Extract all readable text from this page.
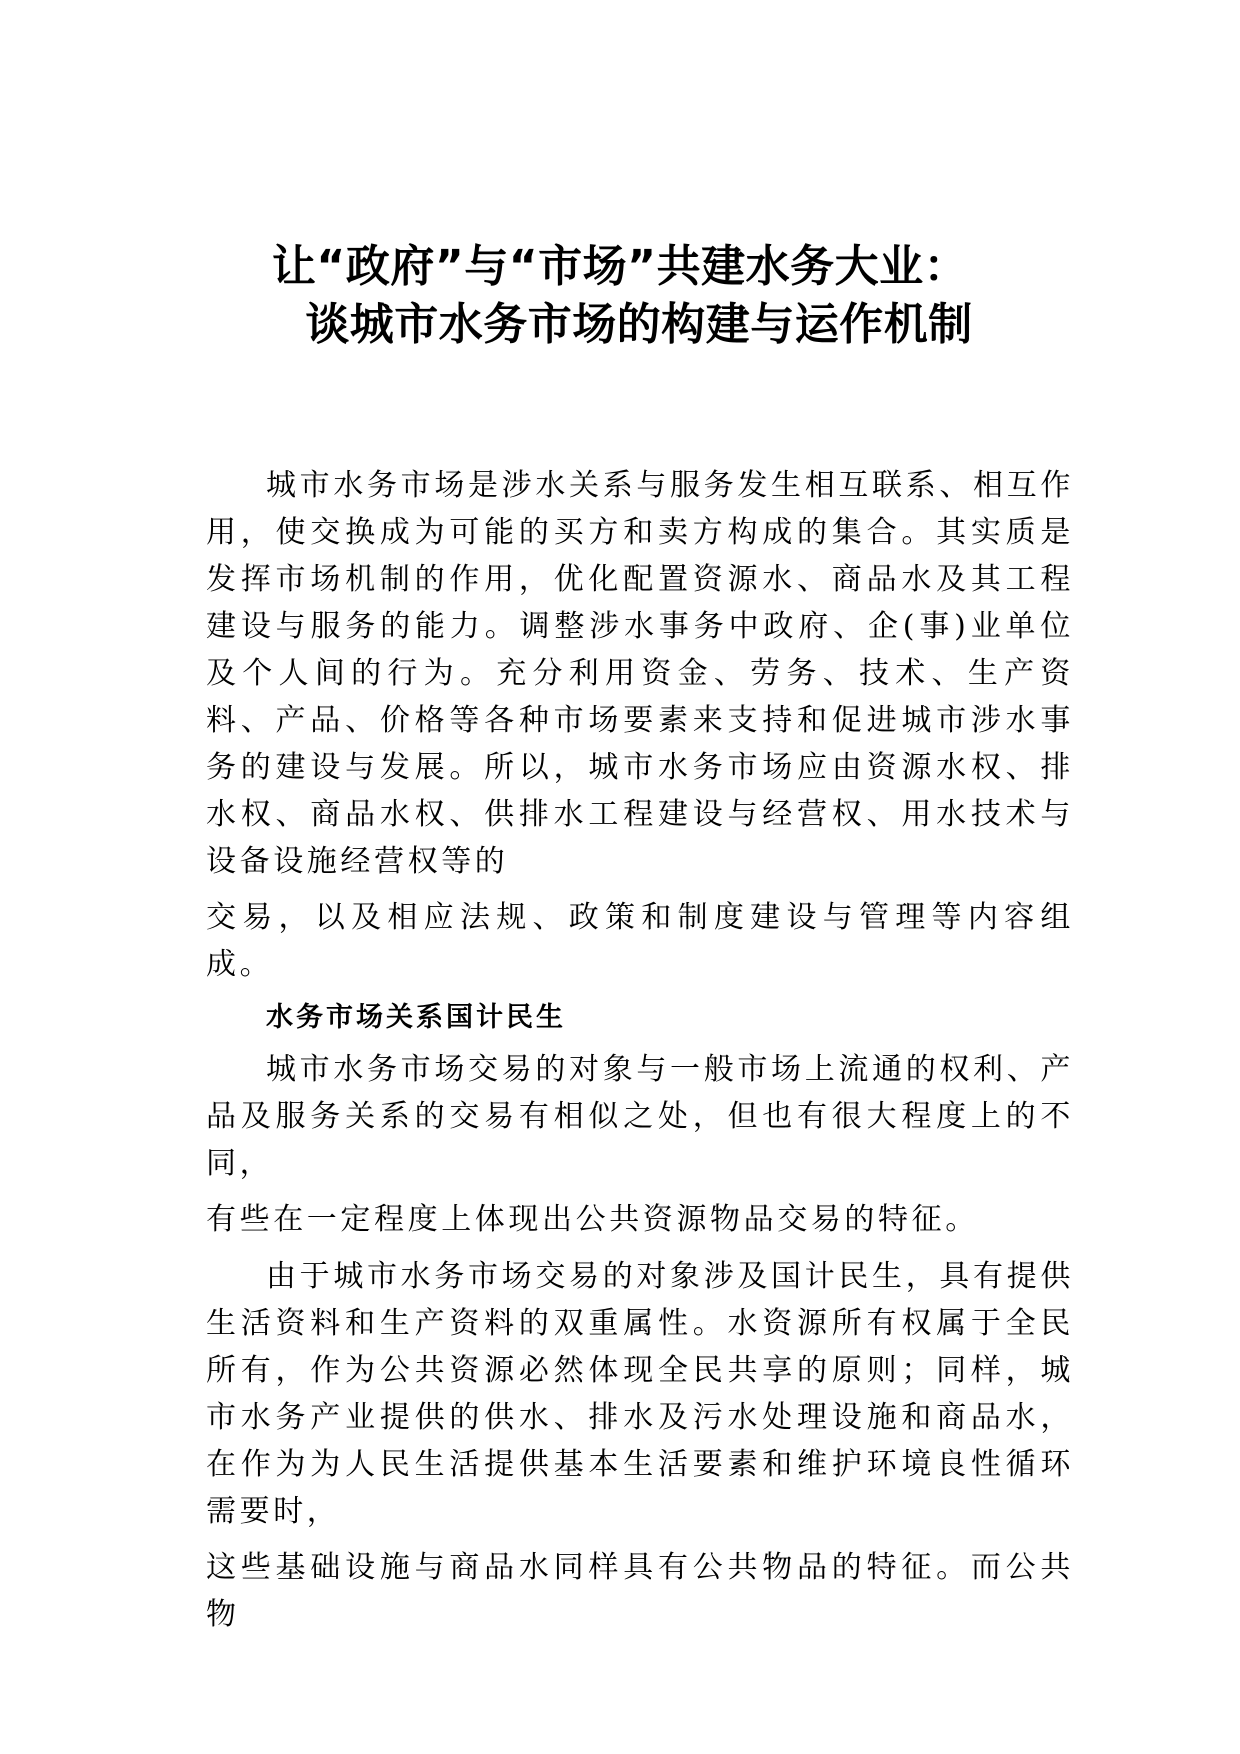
让“政府”与“市场”共建水务大业：
谈城市水务市场的构建与运作机制

城市水务市场是涉水关系与服务发生相互联系、相互作用，使交换成为可能的买方和卖方构成的集合。其实质是发挥市场机制的作用，优化配置资源水、商品水及其工程建设与服务的能力。调整涉水事务中政府、企(事)业单位及个人间的行为。充分利用资金、劳务、技术、生产资料、产品、价格等各种市场要素来支持和促进城市涉水事务的建设与发展。所以，城市水务市场应由资源水权、排水权、商品水权、供排水工程建设与经营权、用水技术与设备设施经营权等的
交易，以及相应法规、政策和制度建设与管理等内容组成。

水务市场关系国计民生

城市水务市场交易的对象与一般市场上流通的权利、产品及服务关系的交易有相似之处，但也有很大程度上的不同，
有些在一定程度上体现出公共资源物品交易的特征。

由于城市水务市场交易的对象涉及国计民生，具有提供生活资料和生产资料的双重属性。水资源所有权属于全民所有，作为公共资源必然体现全民共享的原则；同样，城市水务产业提供的供水、排水及污水处理设施和商品水，在作为为人民生活提供基本生活要素和维护环境良性循环需要时，
这些基础设施与商品水同样具有公共物品的特征。而公共物
